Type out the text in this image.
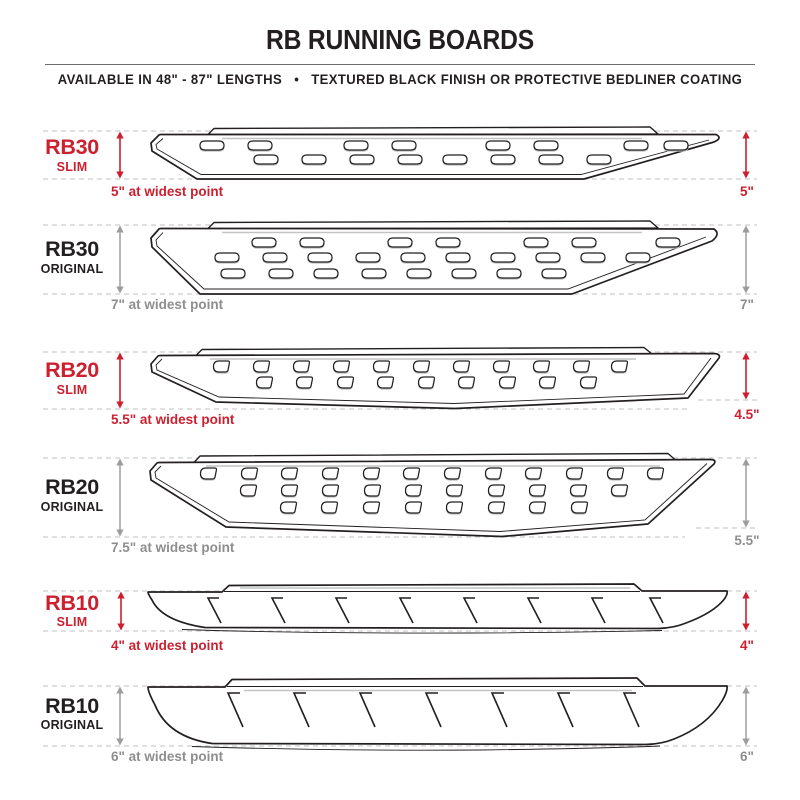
RB RUNNING BOARDS
AVAILABLE IN 48" - 87" LENGTHS   •   TEXTURED BLACK FINISH OR PROTECTIVE BEDLINER COATING
RB30
SLIM
5" at widest point	5"
RB30
ORIGINAL
7" at widest point	7"
RB20
SLIM
5.5" at widest point	4.5"
RB20
ORIGINAL
7.5" at widest point	5.5"
RB10
SLIM
4" at widest point	4"
RB10
ORIGINAL
6" at widest point	6"
